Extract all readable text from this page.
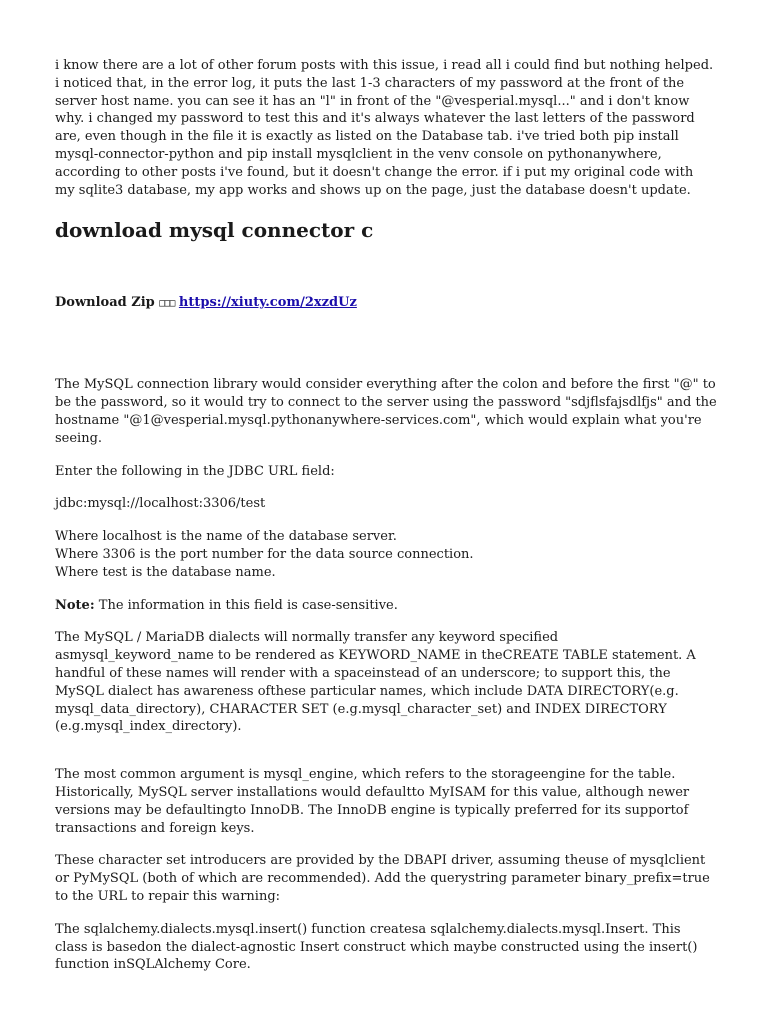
i know there are a lot of other forum posts with this issue, i read all i could find but nothing helped. i noticed that, in the error log, it puts the last 1-3 characters of my password at the front of the server host name. you can see it has an "l" in front of the "@vesperial.mysql..." and i don't know why. i changed my password to test this and it's always whatever the last letters of the password are, even though in the file it is exactly as listed on the Database tab. i've tried both pip install mysql-connector-python and pip install mysqlclient in the venv console on pythonanywhere, according to other posts i've found, but it doesn't change the error. if i put my original code with my sqlite3 database, my app works and shows up on the page, just the database doesn't update.

download mysql connector c

Download Zip □□□ https://xiuty.com/2xzdUz

The MySQL connection library would consider everything after the colon and before the first "@" to be the password, so it would try to connect to the server using the password "sdjflsfajsdlfjs" and the hostname "@1@vesperial.mysql.pythonanywhere-services.com", which would explain what you're seeing.

Enter the following in the JDBC URL field:

jdbc:mysql://localhost:3306/test

Where localhost is the name of the database server.

Where 3306 is the port number for the data source connection.

Where test is the database name.

Note: The information in this field is case-sensitive.

The MySQL / MariaDB dialects will normally transfer any keyword specified asmysql_keyword_name to be rendered as KEYWORD_NAME in theCREATE TABLE statement. A handful of these names will render with a spaceinstead of an underscore; to support this, the MySQL dialect has awareness ofthese particular names, which include DATA DIRECTORY(e.g. mysql_data_directory), CHARACTER SET (e.g.mysql_character_set) and INDEX DIRECTORY (e.g.mysql_index_directory).

The most common argument is mysql_engine, which refers to the storageengine for the table. Historically, MySQL server installations would defaultto MyISAM for this value, although newer versions may be defaultingto InnoDB. The InnoDB engine is typically preferred for its supportof transactions and foreign keys.

These character set introducers are provided by the DBAPI driver, assuming theuse of mysqlclient or PyMySQL (both of which are recommended). Add the querystring parameter binary_prefix=true to the URL to repair this warning:

The sqlalchemy.dialects.mysql.insert() function createsa sqlalchemy.dialects.mysql.Insert. This class is basedon the dialect-agnostic Insert construct which maybe constructed using the insert() function inSQLAlchemy Core.
